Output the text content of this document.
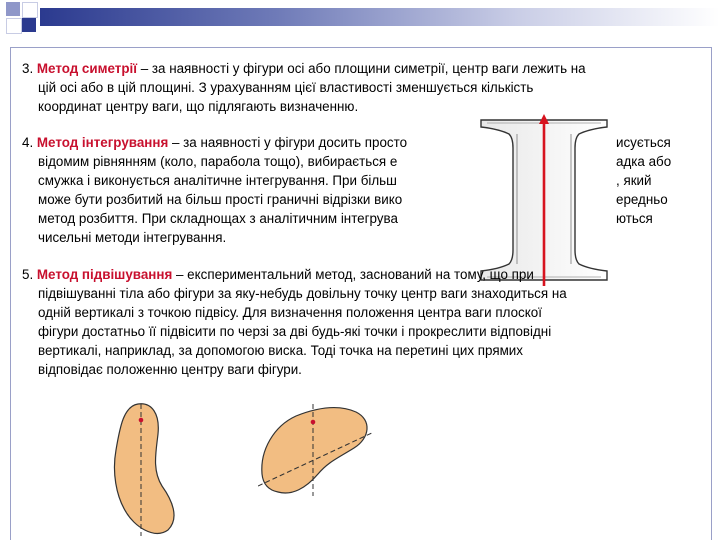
3. Метод симетрії – за наявності у фігури осі або площини симетрії, центр ваги лежить на
цій осі або в цій площині. З урахуванням цієї властивості зменшується кількість
координат центру ваги, що підлягають визначенню.
4. Метод інтегрування – за наявності у фігури досить просто
відомим рівнянням (коло, парабола тощо), вибирається е
смужка і виконується аналітичне інтегрування. При більш
може бути розбитий на більш прості граничні відрізки вико
метод розбиття. При складнощах з аналітичним інтегрува
чисельні методи інтегрування.
исується
адка або
, який
ередньо
ються
5. Метод підвішування – експериментальний метод, заснований на тому, що при
підвішуванні тіла або фігури за яку-небудь довільну точку центр ваги знаходиться на
одній вертикалі з точкою підвісу. Для визначення положення центра ваги плоскої
фігури достатньо її підвісити по черзі за дві будь-які точки і прокреслити відповідні
вертикалі, наприклад, за допомогою виска. Тоді точка на перетині цих прямих
відповідає положенню центру ваги фігури.
